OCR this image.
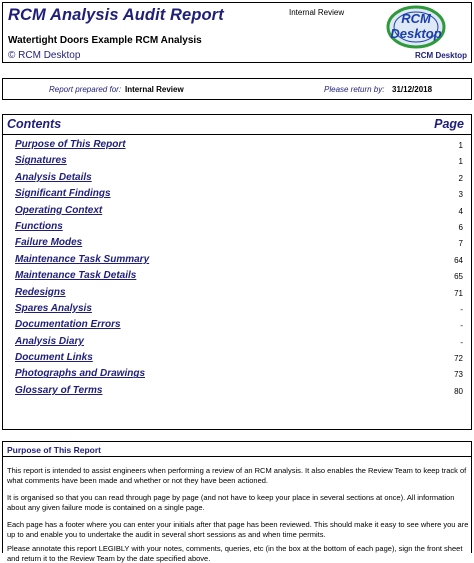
RCM Analysis Audit Report
Watertight Doors Example RCM Analysis
© RCM Desktop
Internal Review	RCM
Desktop
RCM Desktop
Report prepared for: Internal Review	Please return by: 31/12/2018
Contents	Page
Purpose of This Report	1
Signatures	1
Analysis Details	2
Significant Findings	3
Operating Context	4
Functions	6
Failure Modes	7
Maintenance Task Summary	64
Maintenance Task Details	65
Redesigns	71
Spares Analysis	-
Documentation Errors	-
Analysis Diary	-
Document Links	72
Photographs and Drawings	73
Glossary of Terms	80
Purpose of This Report

This report is intended to assist engineers when performing a review of an RCM analysis. It also enables the Review Team to keep track of what comments have been made and whether or not they have been actioned.

It is organised so that you can read through page by page (and not have to keep your place in several sections at once). All information about any given failure mode is contained on a single page.

Each page has a footer where you can enter your initials after that page has been reviewed. This should make it easy to see where you are up to and enable you to undertake the audit in several short sessions as and when time permits.

Please annotate this report LEGIBLY with your notes, comments, queries, etc (in the box at the bottom of each page), sign the front sheet and return it to the Review Team by the date specified above.
